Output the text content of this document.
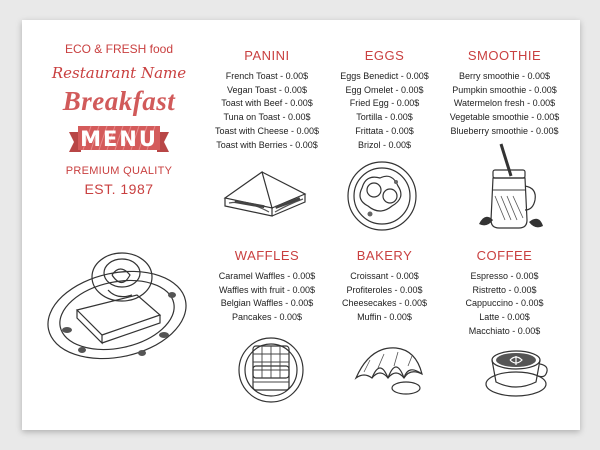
ECO & FRESH food
Restaurant Name
Breakfast
MENU
PREMIUM QUALITY
EST. 1987
PANINI
French Toast - 0.00$
Vegan Toast - 0.00$
Toast with Beef - 0.00$
Tuna on Toast - 0.00$
Toast with Cheese - 0.00$
Toast with Berries - 0.00$
EGGS
Eggs Benedict - 0.00$
Egg Omelet - 0.00$
Fried Egg - 0.00$
Tortilla - 0.00$
Frittata - 0.00$
Brizol - 0.00$
SMOOTHIE
Berry smoothie - 0.00$
Pumpkin smoothie - 0.00$
Watermelon fresh - 0.00$
Vegetable smoothie - 0.00$
Blueberry smoothie - 0.00$
WAFFLES
Caramel Waffles - 0.00$
Waffles with fruit - 0.00$
Belgian Waffles - 0.00$
Pancakes - 0.00$
BAKERY
Croissant - 0.00$
Profiteroles - 0.00$
Cheesecakes - 0.00$
Muffin - 0.00$
COFFEE
Espresso - 0.00$
Ristretto - 0.00$
Cappuccino - 0.00$
Latte - 0.00$
Macchiato - 0.00$
